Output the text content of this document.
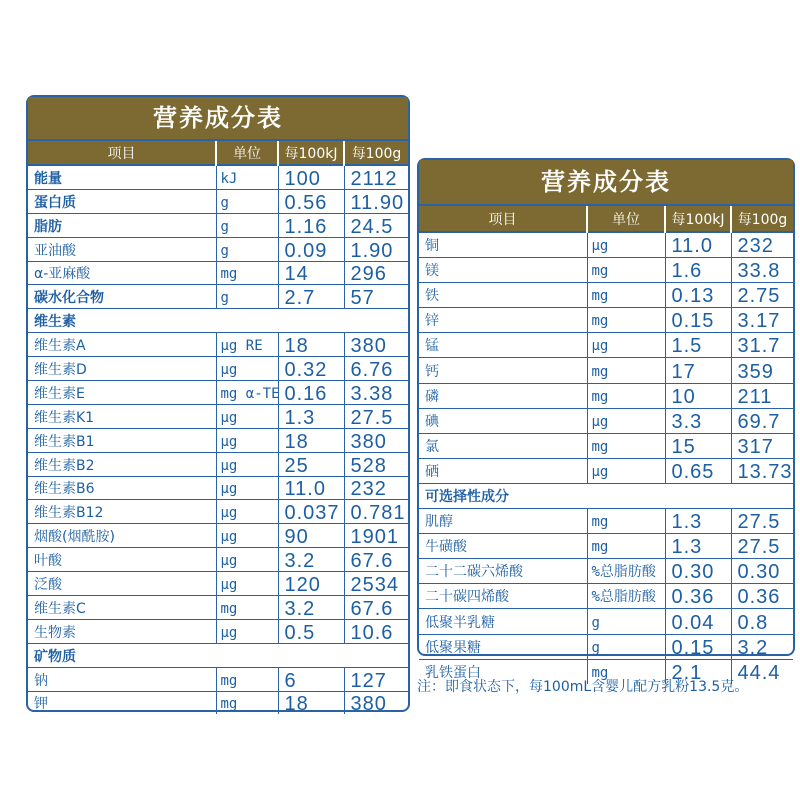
营养成分表
项目	单位	每100kJ	每100g
能量	kJ	100	2112
蛋白质	g	0.56	11.90
脂肪	g	1.16	24.5
亚油酸	g	0.09	1.90
α-亚麻酸	mg	14	296
碳水化合物	g	2.7	57
维生素			
维生素A	μg RE	18	380
维生素D	μg	0.32	6.76
维生素E	mg α-TE	0.16	3.38
维生素K1	μg	1.3	27.5
维生素B1	μg	18	380
维生素B2	μg	25	528
维生素B6	μg	11.0	232
维生素B12	μg	0.037	0.781
烟酸(烟酰胺)	μg	90	1901
叶酸	μg	3.2	67.6
泛酸	μg	120	2534
维生素C	mg	3.2	67.6
生物素	μg	0.5	10.6
矿物质			
钠	mg	6	127
钾	mg	18	380
营养成分表
项目	单位	每100kJ	每100g
铜	μg	11.0	232
镁	mg	1.6	33.8
铁	mg	0.13	2.75
锌	mg	0.15	3.17
锰	μg	1.5	31.7
钙	mg	17	359
磷	mg	10	211
碘	μg	3.3	69.7
氯	mg	15	317
硒	μg	0.65	13.73
可选择性成分			
肌醇	mg	1.3	27.5
牛磺酸	mg	1.3	27.5
二十二碳六烯酸	%总脂肪酸	0.30	0.30
二十碳四烯酸	%总脂肪酸	0.36	0.36
低聚半乳糖	g	0.04	0.8
低聚果糖	g	0.15	3.2
乳铁蛋白	mg	2.1	44.4
注：即食状态下，每100mL含婴儿配方乳粉13.5克。
